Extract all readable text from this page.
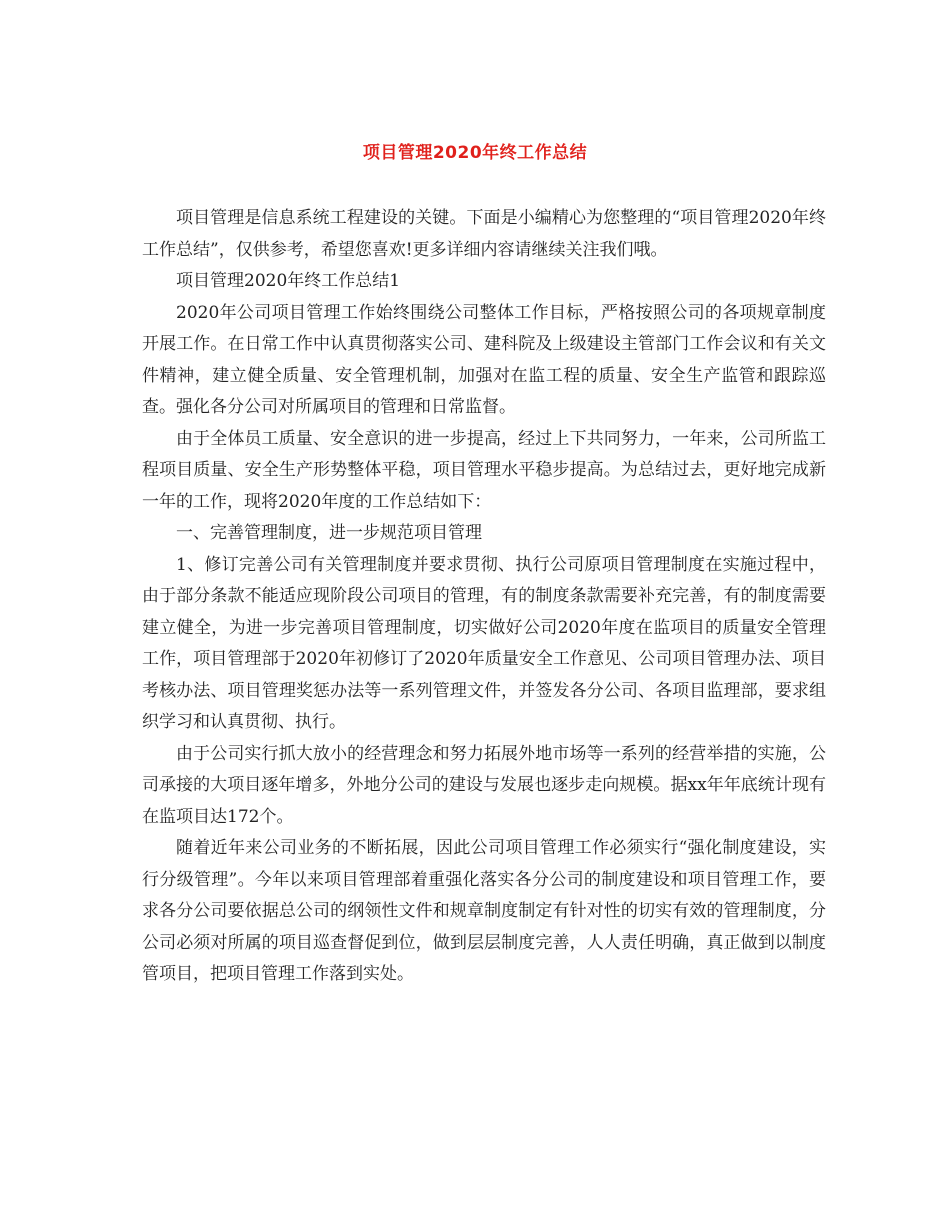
项目管理2020年终工作总结

项目管理是信息系统工程建设的关键。下面是小编精心为您整理的“项目管理2020年终工作总结”，仅供参考，希望您喜欢!更多详细内容请继续关注我们哦。

项目管理2020年终工作总结1

2020年公司项目管理工作始终围绕公司整体工作目标，严格按照公司的各项规章制度开展工作。在日常工作中认真贯彻落实公司、建科院及上级建设主管部门工作会议和有关文件精神，建立健全质量、安全管理机制，加强对在监工程的质量、安全生产监管和跟踪巡查。强化各分公司对所属项目的管理和日常监督。

由于全体员工质量、安全意识的进一步提高，经过上下共同努力，一年来，公司所监工程项目质量、安全生产形势整体平稳，项目管理水平稳步提高。为总结过去，更好地完成新一年的工作，现将2020年度的工作总结如下：

一、完善管理制度，进一步规范项目管理

1、修订完善公司有关管理制度并要求贯彻、执行公司原项目管理制度在实施过程中，由于部分条款不能适应现阶段公司项目的管理，有的制度条款需要补充完善，有的制度需要建立健全，为进一步完善项目管理制度，切实做好公司2020年度在监项目的质量安全管理工作，项目管理部于2020年初修订了2020年质量安全工作意见、公司项目管理办法、项目考核办法、项目管理奖惩办法等一系列管理文件，并签发各分公司、各项目监理部，要求组织学习和认真贯彻、执行。

由于公司实行抓大放小的经营理念和努力拓展外地市场等一系列的经营举措的实施，公司承接的大项目逐年增多，外地分公司的建设与发展也逐步走向规模。据xx年年底统计现有在监项目达172个。

随着近年来公司业务的不断拓展，因此公司项目管理工作必须实行“强化制度建设，实行分级管理”。今年以来项目管理部着重强化落实各分公司的制度建设和项目管理工作，要求各分公司要依据总公司的纲领性文件和规章制度制定有针对性的切实有效的管理制度，分公司必须对所属的项目巡查督促到位，做到层层制度完善，人人责任明确，真正做到以制度管项目，把项目管理工作落到实处。
